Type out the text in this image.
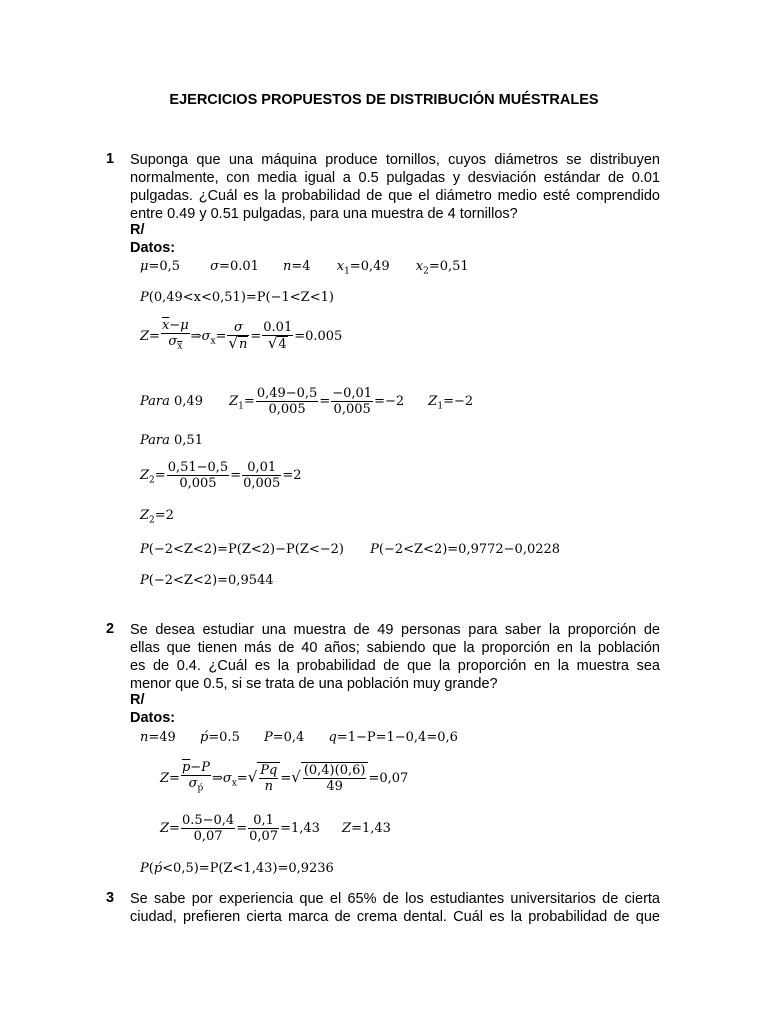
EJERCICIOS PROPUESTOS DE DISTRIBUCIÓN MUÉSTRALES
1 Suponga que una máquina produce tornillos, cuyos diámetros se distribuyen
normalmente, con media igual a 0.5 pulgadas y desviación estándar de 0.01
pulgadas. ¿Cuál es la probabilidad de que el diámetro medio esté comprendido
entre 0.49 y 0.51 pulgadas, para una muestra de 4 tornillos?
R/
Datos:
μ=0,5 σ=0.01 n=4 $x_1=0,49$ $x_2=0,51$
P(0,49<x<0,51)=P(−1<Z<1)
$Z= \frac{\overline{x}-\mu}{\sigma_{\overline{x}}}$ $\Rightarrow\sigma_x= \frac{\sigma}{√n} = \frac{0.01}{√4} =0.005$
Para 0,49 $Z_1= \frac{0,49-0,5}{0,005} = \frac{-0,01}{0,005} =-2$ $Z_1=-2$
Para 0,51
$Z_2= \frac{0,51-0,5}{0,005} = \frac{0,01}{0,005} =2$
$Z_2=2$
P(−2<Z<2)=P(Z<2)−P(Z<−2) P(−2<Z<2)=0,9772−0,0228
P(−2<Z<2)=0,9544
2 Se desea estudiar una muestra de 49 personas para saber la proporción de
ellas que tienen más de 40 años; sabiendo que la proporción en la población
es de 0.4. ¿Cuál es la probabilidad de que la proporción en la muestra sea
menor que 0.5, si se trata de una población muy grande?
R/
Datos:
n=49 ṕ=0.5 P=0,4 q=1−P=1−0,4=0,6
$Z= \frac{\overline{p}-P}{\sigma_ṕ}$ $\Rightarrow\sigma_x=√ \frac{Pq}{n}$ =√ $\frac{(0,4)(0,6)}{49} =0,07$
$Z= \frac{0.5-0,4}{0,07} = \frac{0,1}{0,07} =1,43$ Z=1,43
P(ṕ<0,5)=P(Z<1,43)=0,9236
3 Se sabe por experiencia que el 65% de los estudiantes universitarios de cierta
ciudad, prefieren cierta marca de crema dental. Cuál es la probabilidad de que
